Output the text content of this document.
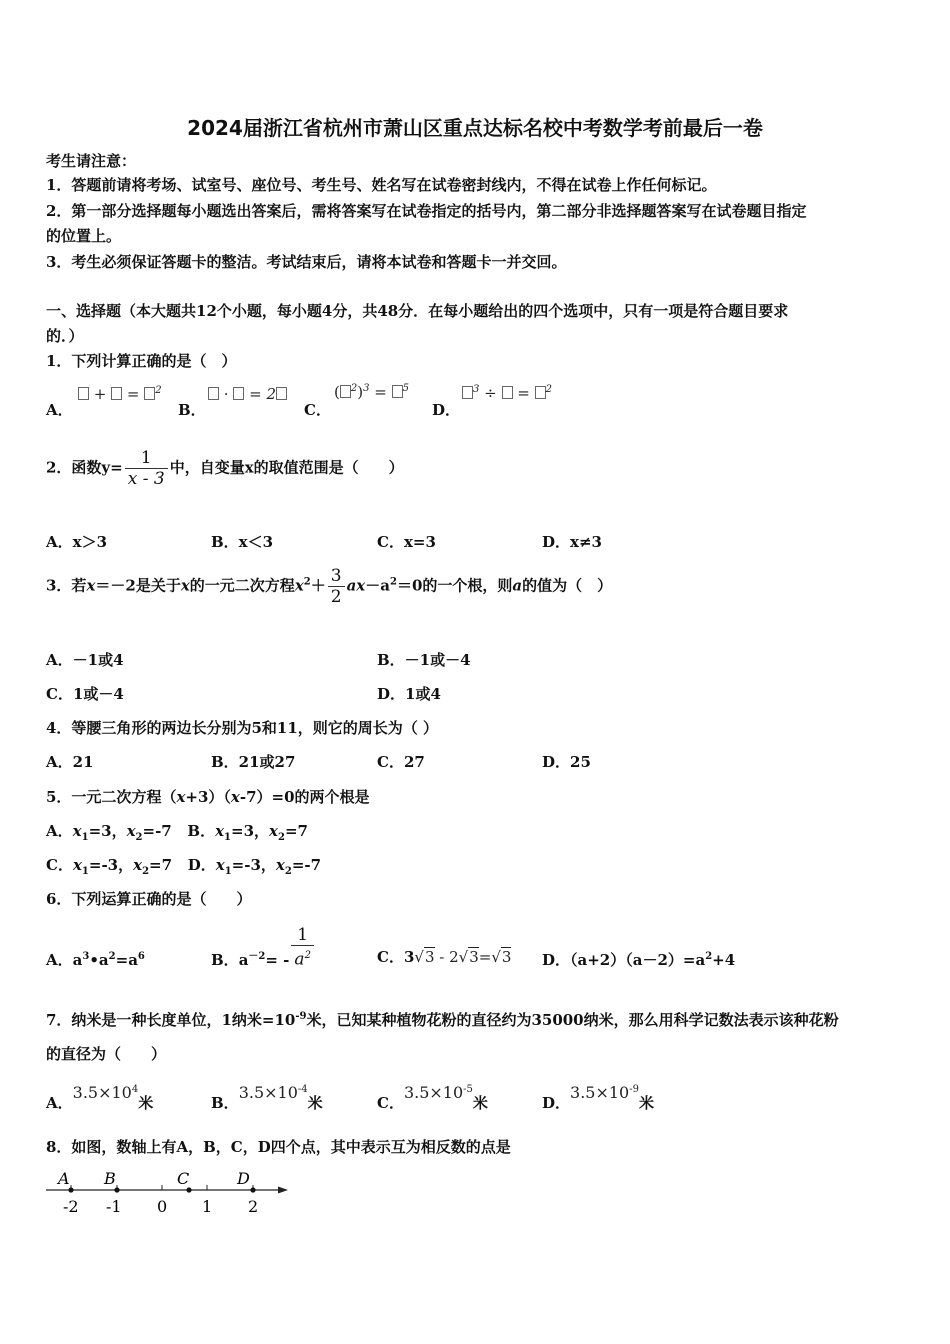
2024届浙江省杭州市萧山区重点达标名校中考数学考前最后一卷
考生请注意：
1．答题前请将考场、试室号、座位号、考生号、姓名写在试卷密封线内，不得在试卷上作任何标记。
2．第一部分选择题每小题选出答案后，需将答案写在试卷指定的括号内，第二部分非选择题答案写在试卷题目指定
的位置上。
3．考生必须保证答题卡的整洁。考试结束后，请将本试卷和答题卡一并交回。
一、选择题（本大题共12个小题，每小题4分，共48分．在每小题给出的四个选项中，只有一项是符合题目要求
的．）
1．下列计算正确的是（　）
A．
+ = $^2$
B．
· = 2
C．
( $^2$)$^3$ = $^5$
D．
$^3$ ÷ = $^2$
2．函数$y= \frac{1}{x - 3}$ 中，自变量x的取值范围是（　　）
A．x＞3	B．x＜3	C．x=3	D．x≠3
3．若x＝－2是关于x的一元二次方程$x^2+ \frac{3}{2} ax-a^2=0$的一个根，则a的值为（　）
A．－1或4	B．－1或－4
C．1或－4	D．1或4
4．等腰三角形的两边长分别为5和11，则它的周长为（ ）
A．21	B．21或27	C．27	D．25
5．一元二次方程（x+3）（x-7）=0的两个根是
A．$x_1=3$，$x_2=-7$ B．$x_1=3$，$x_2=7$
C．$x_1=-3$，$x_2=7$ D．$x_1=-3$，$x_2=-7$
6．下列运算正确的是（　　）
A．$a^3•a^2=a^6$	B．$a^{-2}= - \frac{1}{a^2}$	C．3√3 - 2√3=√3 D．$(a+2)(a-2)=a^2+4$
7．纳米是一种长度单位，1纳米$=10^{-9}$米，已知某种植物花粉的直径约为35000纳米，那么用科学记数法表示该种花粉
的直径为（　　）
A．$3.5\times 10^4$米	B．$3.5\times 10^{-4}$米	C．$3.5\times 10^{-5}$米	D．$3.5\times 10^{-9}$米
8．如图，数轴上有A，B，C，D四个点，其中表示互为相反数的点是
A B	C	D
-2 -1 0 1 2
